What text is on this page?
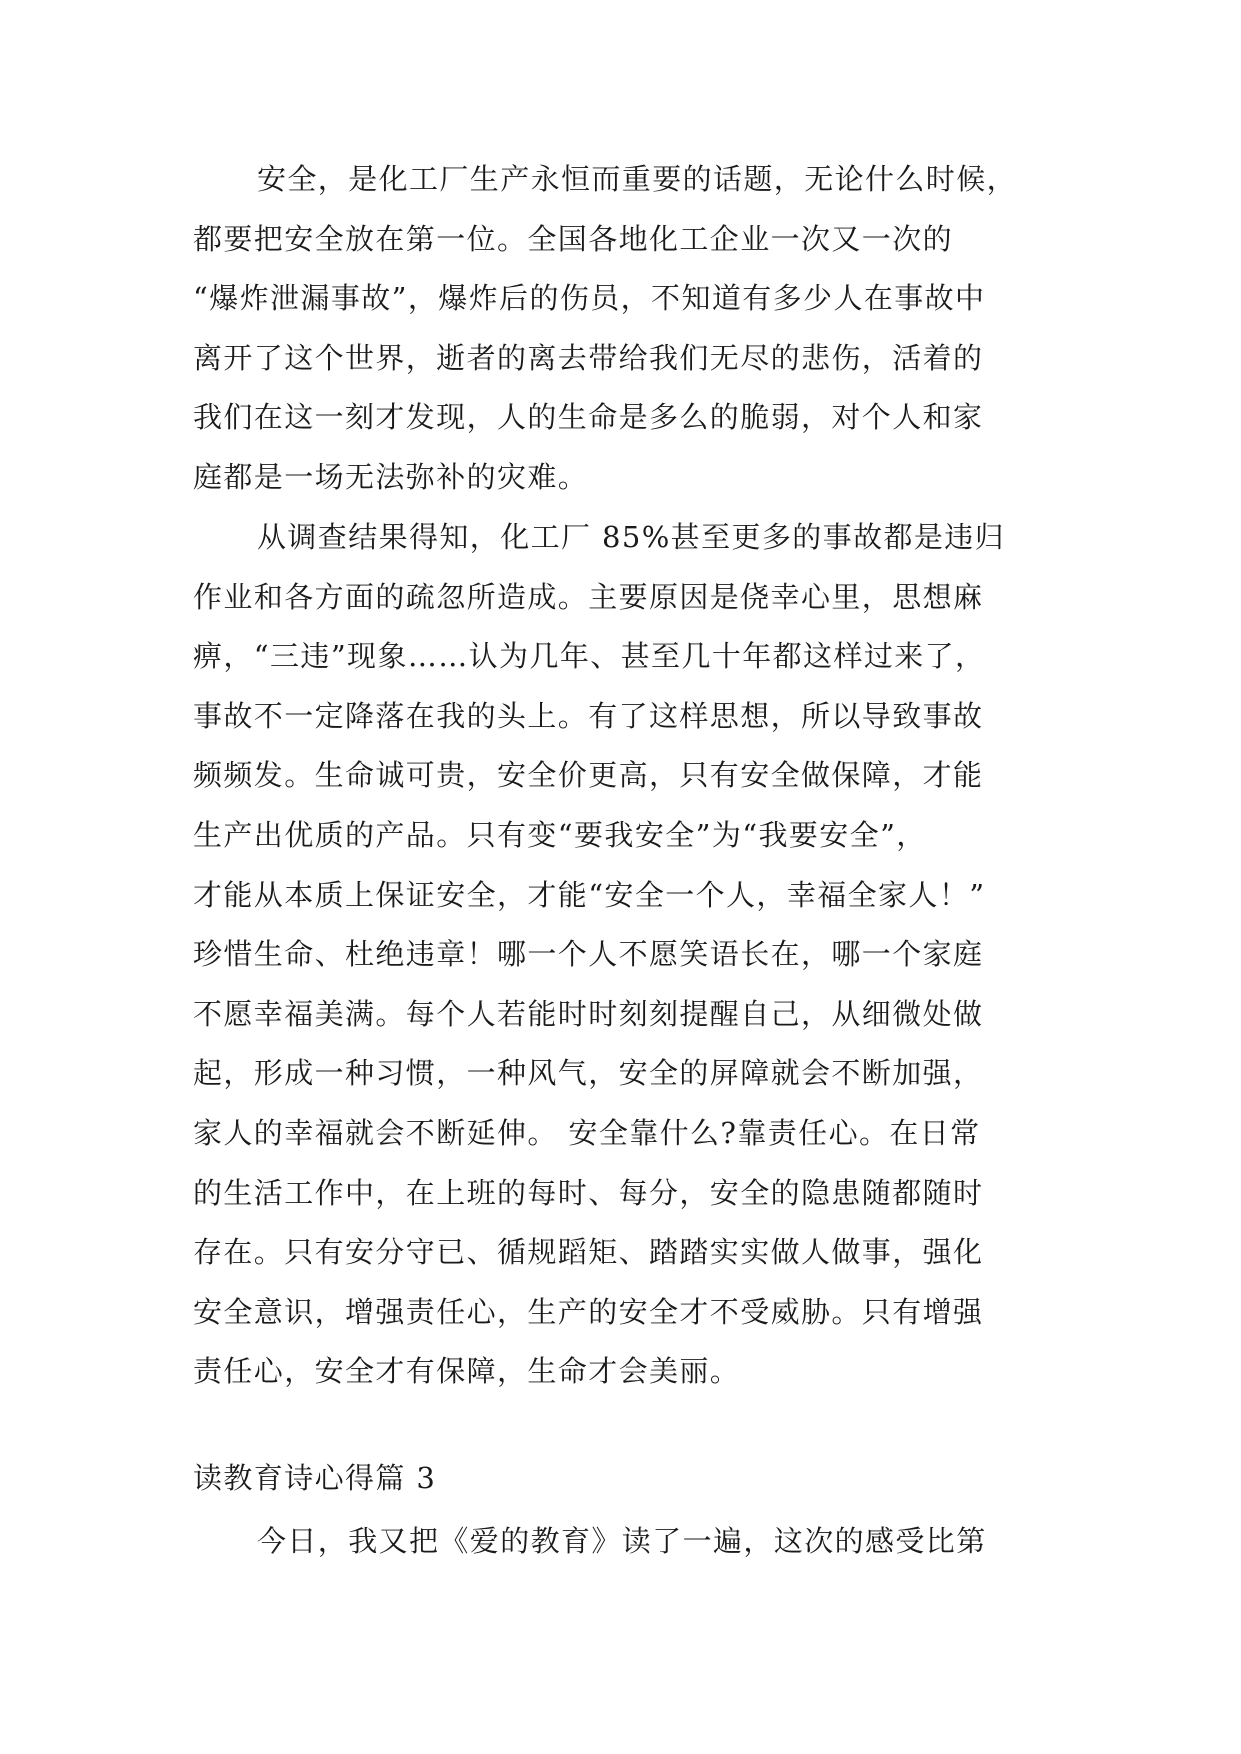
安全，是化工厂生产永恒而重要的话题，无论什么时候，
都要把安全放在第一位。全国各地化工企业一次又一次的
“爆炸泄漏事故”，爆炸后的伤员，不知道有多少人在事故中
离开了这个世界，逝者的离去带给我们无尽的悲伤，活着的
我们在这一刻才发现，人的生命是多么的脆弱，对个人和家
庭都是一场无法弥补的灾难。
从调查结果得知，化工厂 85%甚至更多的事故都是违归
作业和各方面的疏忽所造成。主要原因是侥幸心里，思想麻
痹，“三违”现象……认为几年、甚至几十年都这样过来了，
事故不一定降落在我的头上。有了这样思想，所以导致事故
频频发。生命诚可贵，安全价更高，只有安全做保障，才能
生产出优质的产品。只有变“要我安全”为“我要安全”，
才能从本质上保证安全，才能“安全一个人，幸福全家人！”
珍惜生命、杜绝违章！哪一个人不愿笑语长在，哪一个家庭
不愿幸福美满。每个人若能时时刻刻提醒自己，从细微处做
起，形成一种习惯，一种风气，安全的屏障就会不断加强，
家人的幸福就会不断延伸。 安全靠什么?靠责任心。在日常
的生活工作中，在上班的每时、每分，安全的隐患随都随时
存在。只有安分守已、循规蹈矩、踏踏实实做人做事，强化
安全意识，增强责任心，生产的安全才不受威胁。只有增强
责任心，安全才有保障，生命才会美丽。
读教育诗心得篇 3
今日，我又把《爱的教育》读了一遍，这次的感受比第
